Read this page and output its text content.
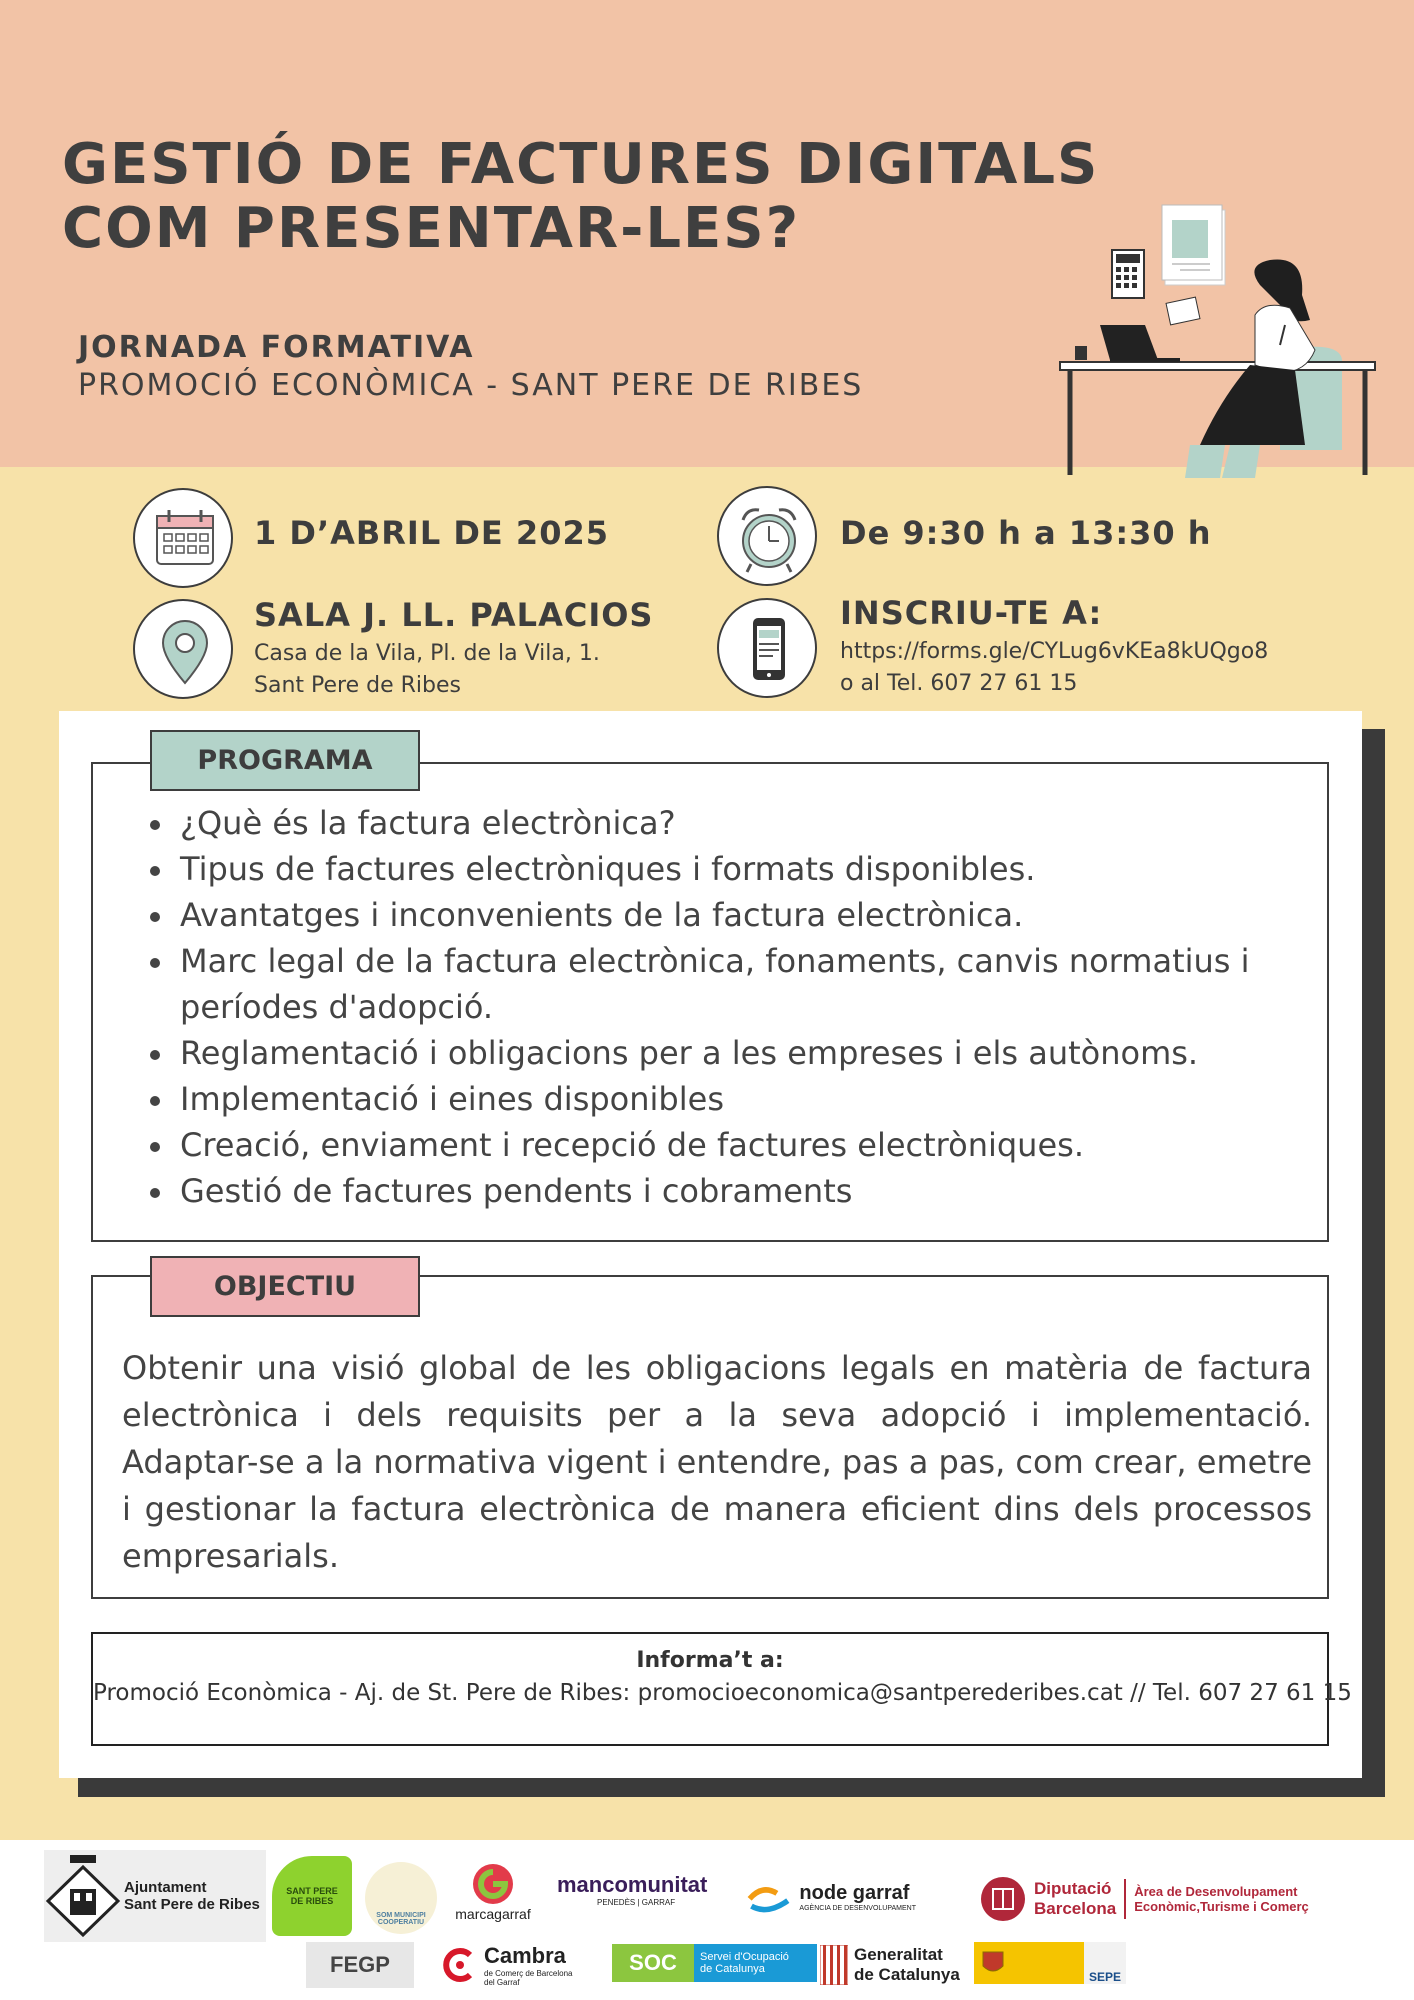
GESTIÓ DE FACTURES DIGITALS
COM PRESENTAR-LES?
JORNADA FORMATIVA
PROMOCIÓ ECONÒMICA - SANT PERE DE RIBES
1 D’ABRIL DE 2025	De 9:30 h a 13:30 h
SALA J. LL. PALACIOS
Casa de la Vila, Pl. de la Vila, 1.
Sant Pere de Ribes
INSCRIU-TE A:
https://forms.gle/CYLug6vKEa8kUQgo8
o al Tel. 607 27 61 15
PROGRAMA
¿Què és la factura electrònica?
Tipus de factures electròniques i formats disponibles.
Avantatges i inconvenients de la factura electrònica.
Marc legal de la factura electrònica, fonaments, canvis normatius i períodes d'adopció.
Reglamentació i obligacions per a les empreses i els autònoms.
Implementació i eines disponibles
Creació, enviament i recepció de factures electròniques.
Gestió de factures pendents i cobraments
OBJECTIU
Obtenir una visió global de les obligacions legals en matèria de factura electrònica i dels requisits per a la seva adopció i implementació. Adaptar-se a la normativa vigent i entendre, pas a pas, com crear, emetre i gestionar la factura electrònica de manera eficient dins dels processos empresarials.
Informa’t a:
Promoció Econòmica - Aj. de St. Pere de Ribes: promocioeconomica@santperederibes.cat // Tel. 607 27 61 15
Ajuntament
Sant Pere de Ribes
SANT PERE
DE RIBES
SOM MUNICIPI
COOPERATIU
marcagarraf
mancomunitat
PENEDÈS | GARRAF	node garraf
AGÈNCIA DE DESENVOLUPAMENT
Diputació
Barcelona
Àrea de Desenvolupament
Econòmic,Turisme i Comerç
FEGP	Cambra
de Comerç de Barcelona
del Garraf
SOC Servei d'Ocupació
de Catalunya
Generalitat
de Catalunya	SEPE
